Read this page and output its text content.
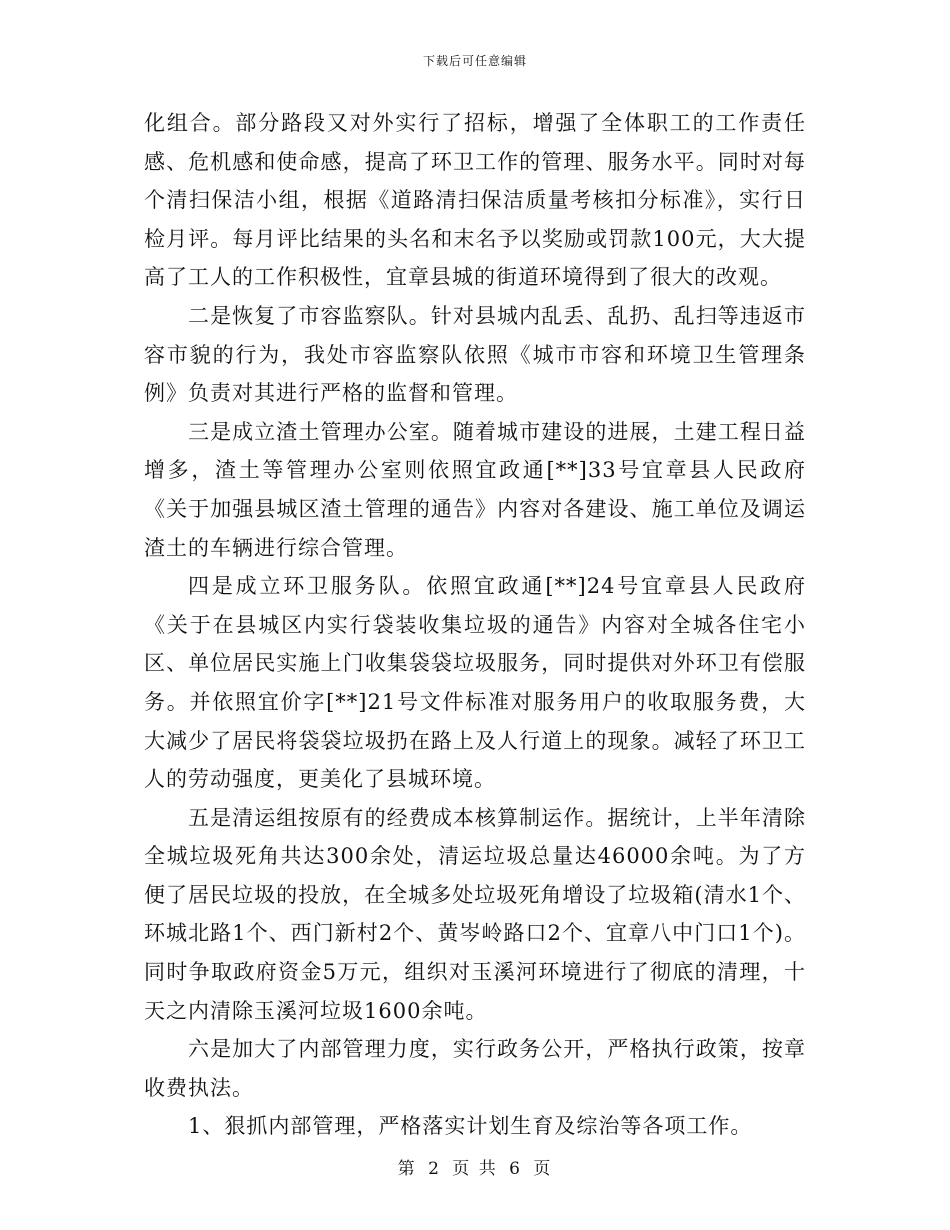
下载后可任意编辑

化组合。部分路段又对外实行了招标，增强了全体职工的工作责任感、危机感和使命感，提高了环卫工作的管理、服务水平。同时对每个清扫保洁小组，根据《道路清扫保洁质量考核扣分标准》，实行日检月评。每月评比结果的头名和末名予以奖励或罚款100元，大大提高了工人的工作积极性，宜章县城的街道环境得到了很大的改观。

二是恢复了市容监察队。针对县城内乱丢、乱扔、乱扫等违返市容市貌的行为，我处市容监察队依照《城市市容和环境卫生管理条例》负责对其进行严格的监督和管理。

三是成立渣土管理办公室。随着城市建设的进展，土建工程日益增多，渣土等管理办公室则依照宜政通[**]33号宜章县人民政府《关于加强县城区渣土管理的通告》内容对各建设、施工单位及调运渣土的车辆进行综合管理。

四是成立环卫服务队。依照宜政通[**]24号宜章县人民政府《关于在县城区内实行袋装收集垃圾的通告》内容对全城各住宅小区、单位居民实施上门收集袋袋垃圾服务，同时提供对外环卫有偿服务。并依照宜价字[**]21号文件标准对服务用户的收取服务费，大大减少了居民将袋袋垃圾扔在路上及人行道上的现象。减轻了环卫工人的劳动强度，更美化了县城环境。

五是清运组按原有的经费成本核算制运作。据统计，上半年清除全城垃圾死角共达300余处，清运垃圾总量达46000余吨。为了方便了居民垃圾的投放，在全城多处垃圾死角增设了垃圾箱(清水1个、环城北路1个、西门新村2个、黄岑岭路口2个、宜章八中门口1个)。同时争取政府资金5万元，组织对玉溪河环境进行了彻底的清理，十天之内清除玉溪河垃圾1600余吨。

六是加大了内部管理力度，实行政务公开，严格执行政策，按章收费执法。

1、狠抓内部管理，严格落实计划生育及综治等各项工作。

第 2 页 共 6 页
